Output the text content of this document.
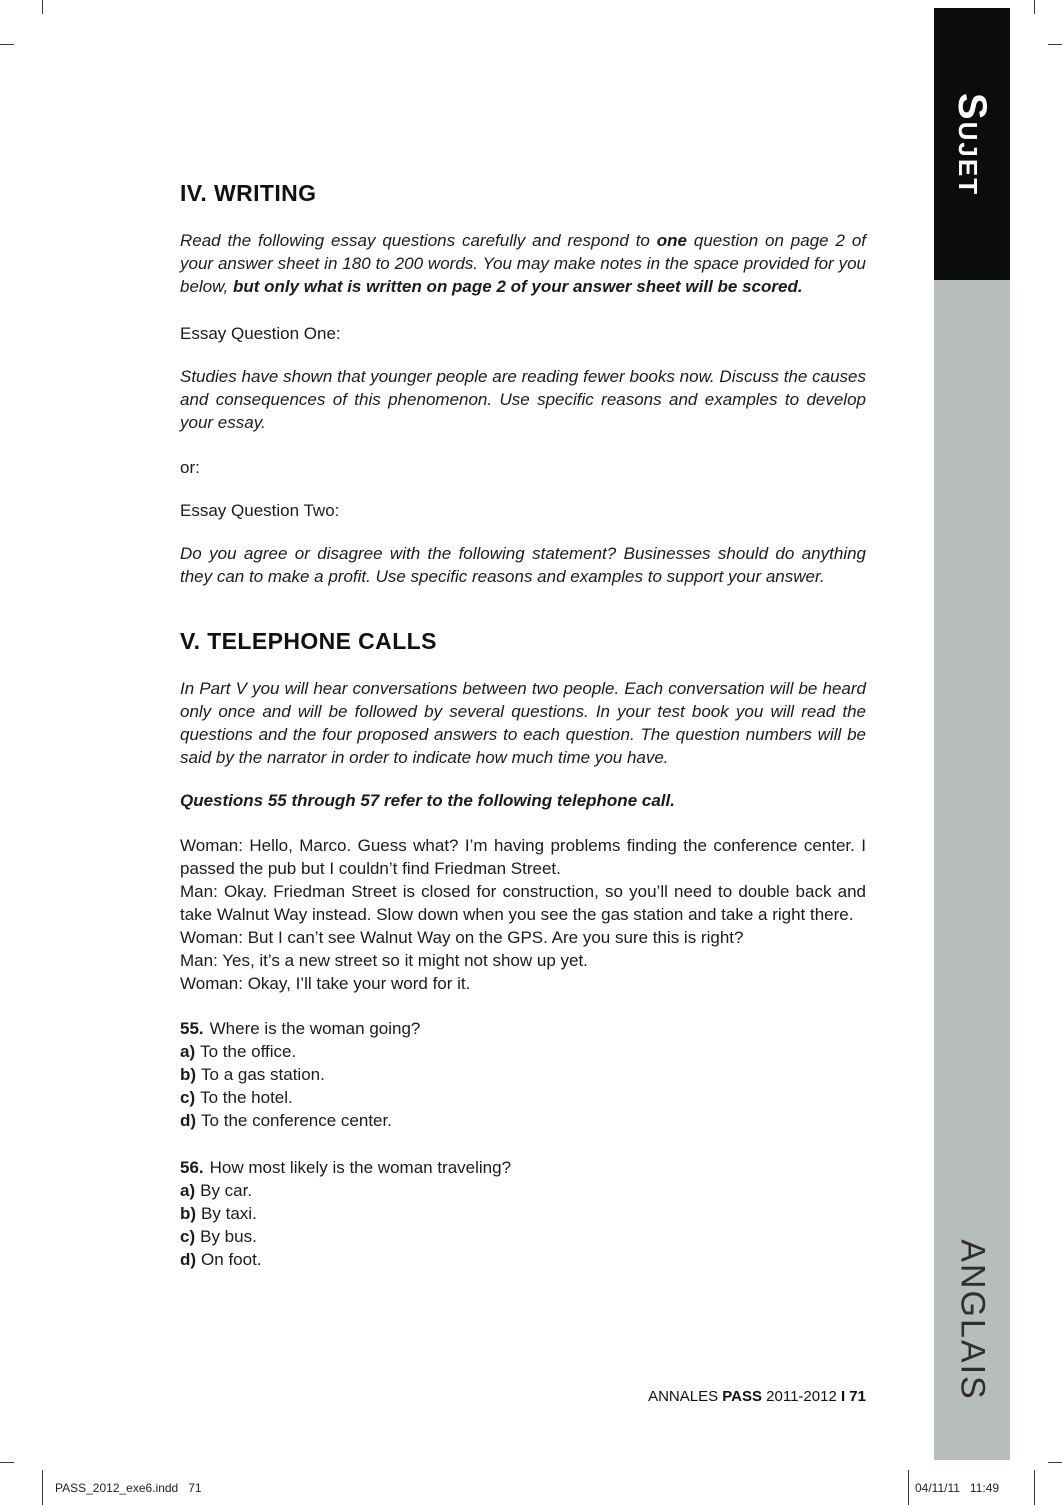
IV. WRITING

Read the following essay questions carefully and respond to one question on page 2 of your answer sheet in 180 to 200 words. You may make notes in the space provided for you below, but only what is written on page 2 of your answer sheet will be scored.

Essay Question One:

Studies have shown that younger people are reading fewer books now. Discuss the causes and consequences of this phenomenon. Use specific reasons and examples to develop your essay.

or:

Essay Question Two:

Do you agree or disagree with the following statement? Businesses should do anything they can to make a profit. Use specific reasons and examples to support your answer.

V. TELEPHONE CALLS

In Part V you will hear conversations between two people. Each conversation will be heard only once and will be followed by several questions. In your test book you will read the questions and the four proposed answers to each question. The question numbers will be said by the narrator in order to indicate how much time you have.

Questions 55 through 57 refer to the following telephone call.

Woman: Hello, Marco. Guess what? I’m having problems finding the conference center. I passed the pub but I couldn’t find Friedman Street.

Man: Okay. Friedman Street is closed for construction, so you’ll need to double back and take Walnut Way instead. Slow down when you see the gas station and take a right there.

Woman: But I can’t see Walnut Way on the GPS. Are you sure this is right?

Man: Yes, it’s a new street so it might not show up yet.

Woman: Okay, I’ll take your word for it.

55. Where is the woman going?

a) To the office.

b) To a gas station.

c) To the hotel.

d) To the conference center.

56. How most likely is the woman traveling?

a) By car.

b) By taxi.

c) By bus.

d) On foot.

ANNALES PASS 2011-2012 I 71
SUJET
ANGLAIS
PASS_2012_exe6.indd   71	04/11/11   11:49
